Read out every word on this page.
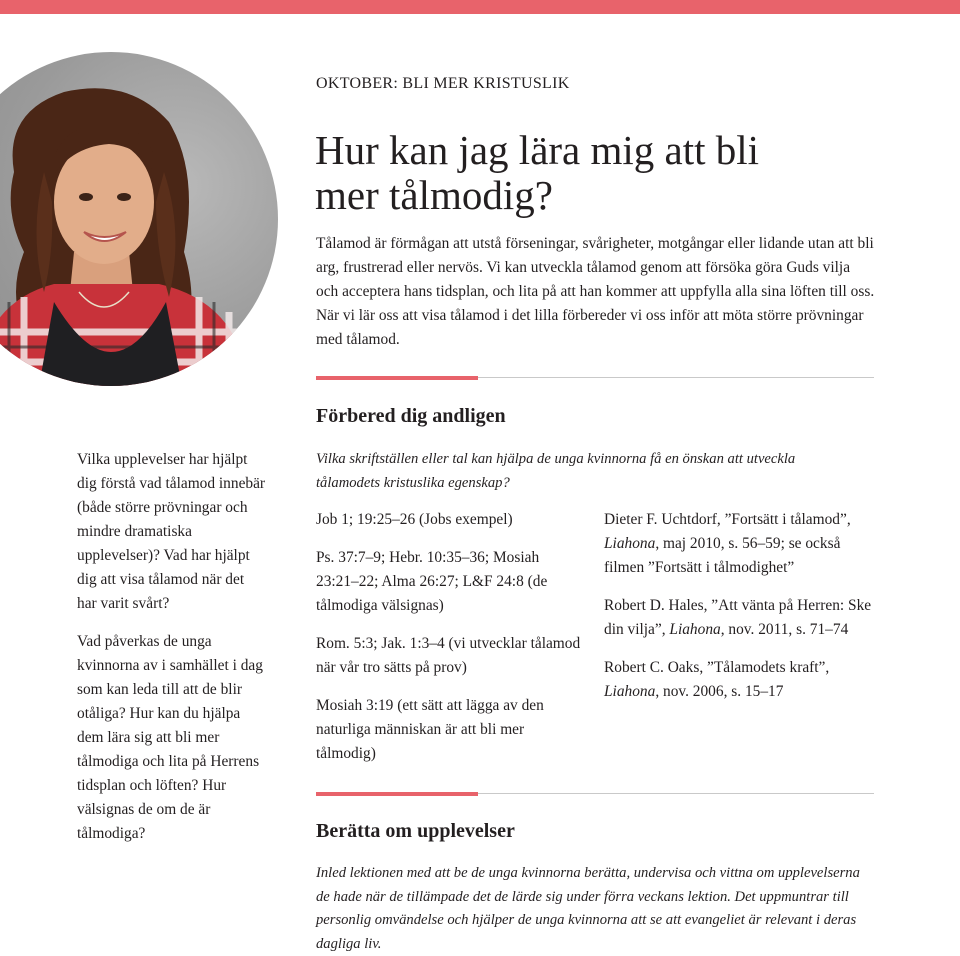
OKTOBER: BLI MER KRISTUSLIK
Hur kan jag lära mig att bli
mer tålmodig?

Tålamod är förmågan att utstå förseningar, svårigheter, motgångar eller lidande utan att bli arg, frustrerad eller nervös. Vi kan utveckla tålamod genom att försöka göra Guds vilja och acceptera hans tidsplan, och lita på att han kommer att uppfylla alla sina löften till oss. När vi lär oss att visa tålamod i det lilla förbereder vi oss inför att möta större prövningar med tålamod.

Förbered dig andligen

Vilka upplevelser har hjälpt dig förstå vad tålamod innebär (både större prövningar och mindre dramatiska upplevelser)? Vad har hjälpt dig att visa tålamod när det har varit svårt?

Vad påverkas de unga kvinnorna av i samhället i dag som kan leda till att de blir otåliga? Hur kan du hjälpa dem lära sig att bli mer tålmodiga och lita på Herrens tidsplan och löften? Hur välsignas de om de är tålmodiga?

Vilka skriftställen eller tal kan hjälpa de unga kvinnorna få en önskan att utveckla tålamodets kristuslika egenskap?

Job 1; 19:25–26 (Jobs exempel)
Ps. 37:7–9; Hebr. 10:35–36; Mosiah 23:21–22; Alma 26:27; L&F 24:8 (de tålmodiga välsignas)
Rom. 5:3; Jak. 1:3–4 (vi utvecklar tålamod när vår tro sätts på prov)
Mosiah 3:19 (ett sätt att lägga av den naturliga människan är att bli mer tålmodig)
Dieter F. Uchtdorf, ”Fortsätt i tålamod”, Liahona, maj 2010, s. 56–59; se också filmen ”Fortsätt i tålmodighet”
Robert D. Hales, ”Att vänta på Herren: Ske din vilja”, Liahona, nov. 2011, s. 71–74
Robert C. Oaks, ”Tålamodets kraft”, Liahona, nov. 2006, s. 15–17
Berätta om upplevelser

Inled lektionen med att be de unga kvinnorna berätta, undervisa och vittna om upplevelserna de hade när de tillämpade det de lärde sig under förra veckans lektion. Det uppmuntrar till personlig omvändelse och hjälper de unga kvinnorna att se att evangeliet är relevant i deras dagliga liv.
